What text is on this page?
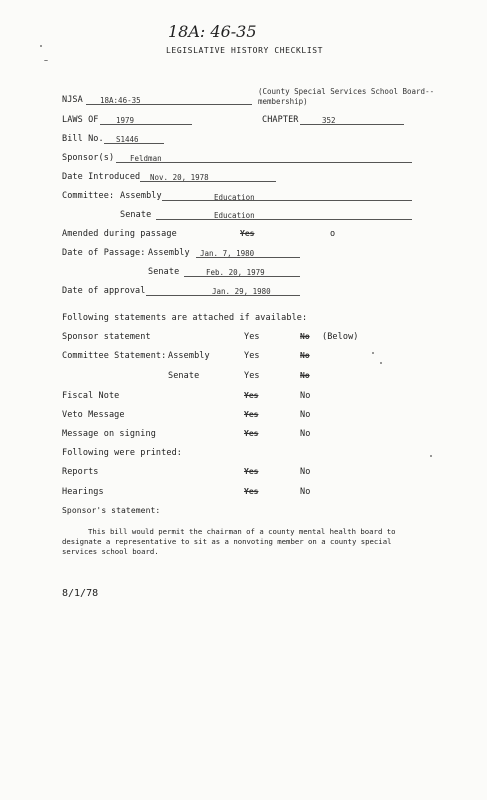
18A: 46-35
LEGISLATIVE HISTORY CHECKLIST
NJSA 18A:46-35
(County Special Services School Board--
membership)
LAWS OF 1979	CHAPTER	352
Bill No. S1446
Sponsor(s) Feldman
Date Introduced Nov. 20, 1978
Committee: Assembly	Education
Senate	Education
Amended during passage	Yes	o
Date of Passage: Assembly Jan. 7, 1980
Senate	Feb. 20, 1979
Date of approval	Jan. 29, 1980
Following statements are attached if available:
Sponsor statement	Yes	No (Below)
Committee Statement: Assembly	Yes	No
Senate	Yes	No
Fiscal Note	Yes	No
Veto Message	Yes	No
Message on signing	Yes	No
Following were printed:
Reports	Yes	No
Hearings	Yes	No
Sponsor's statement:
This bill would permit the chairman of a county mental health board to
designate a representative to sit as a nonvoting member on a county special
services school board.
8/1/78
